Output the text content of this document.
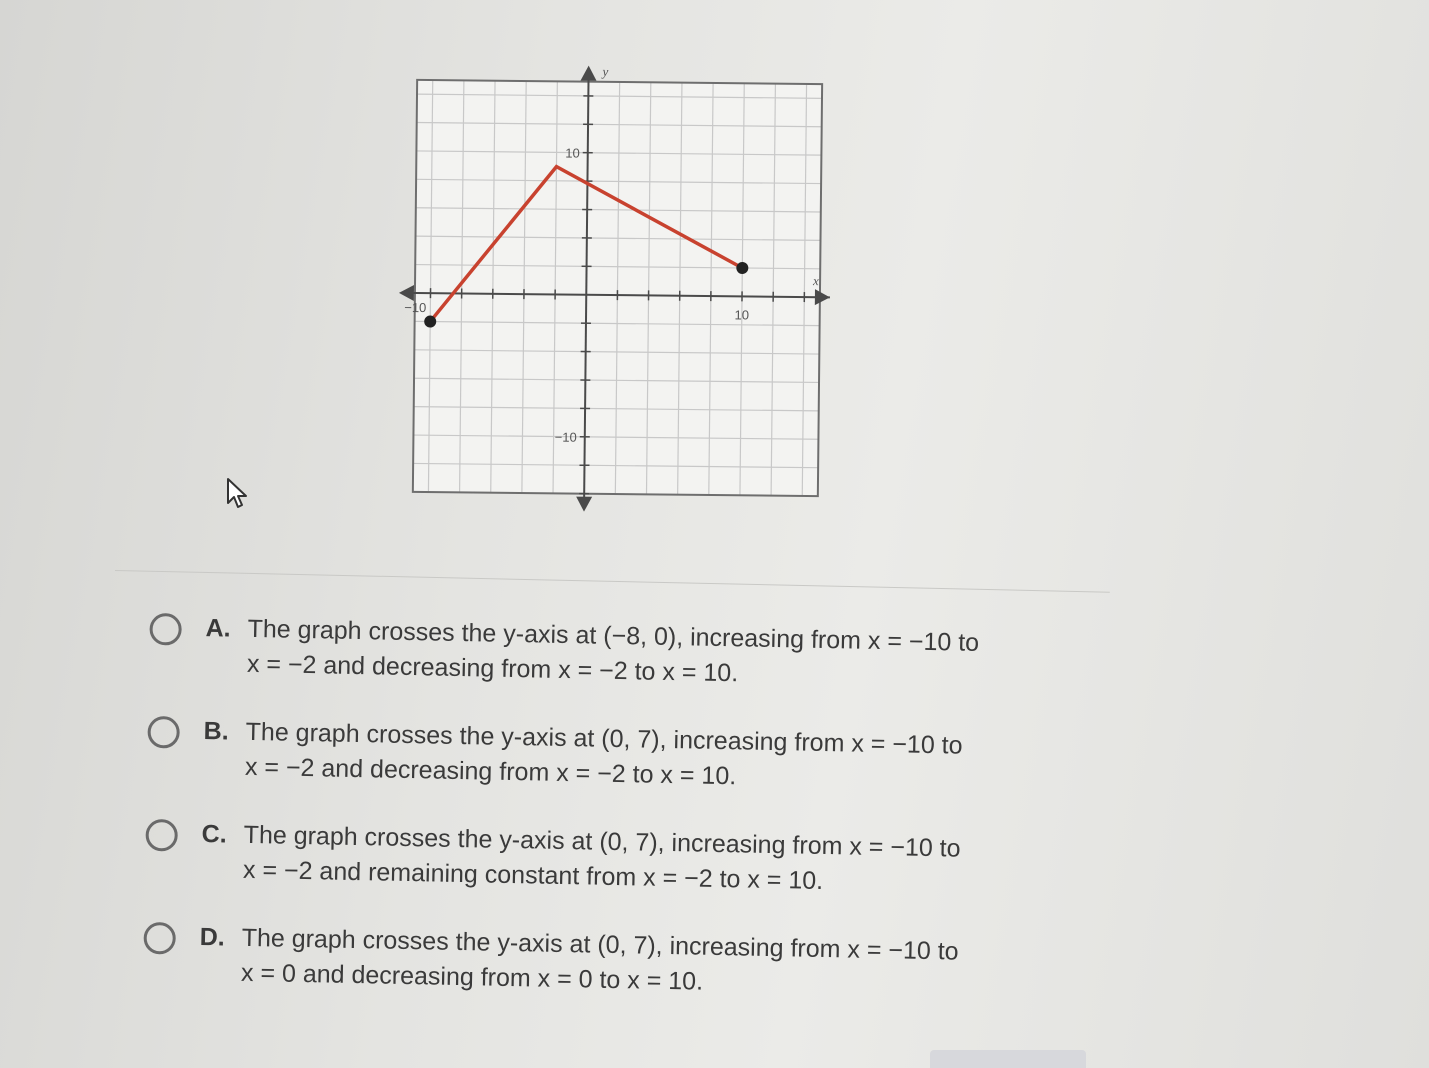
10
−10
10
−10
y
x
A. The graph crosses the y-axis at (−8, 0), increasing from x = −10 to
x = −2 and decreasing from x = −2 to x = 10.
B. The graph crosses the y-axis at (0, 7), increasing from x = −10 to
x = −2 and decreasing from x = −2 to x = 10.
C. The graph crosses the y-axis at (0, 7), increasing from x = −10 to
x = −2 and remaining constant from x = −2 to x = 10.
D. The graph crosses the y-axis at (0, 7), increasing from x = −10 to
x = 0 and decreasing from x = 0 to x = 10.
